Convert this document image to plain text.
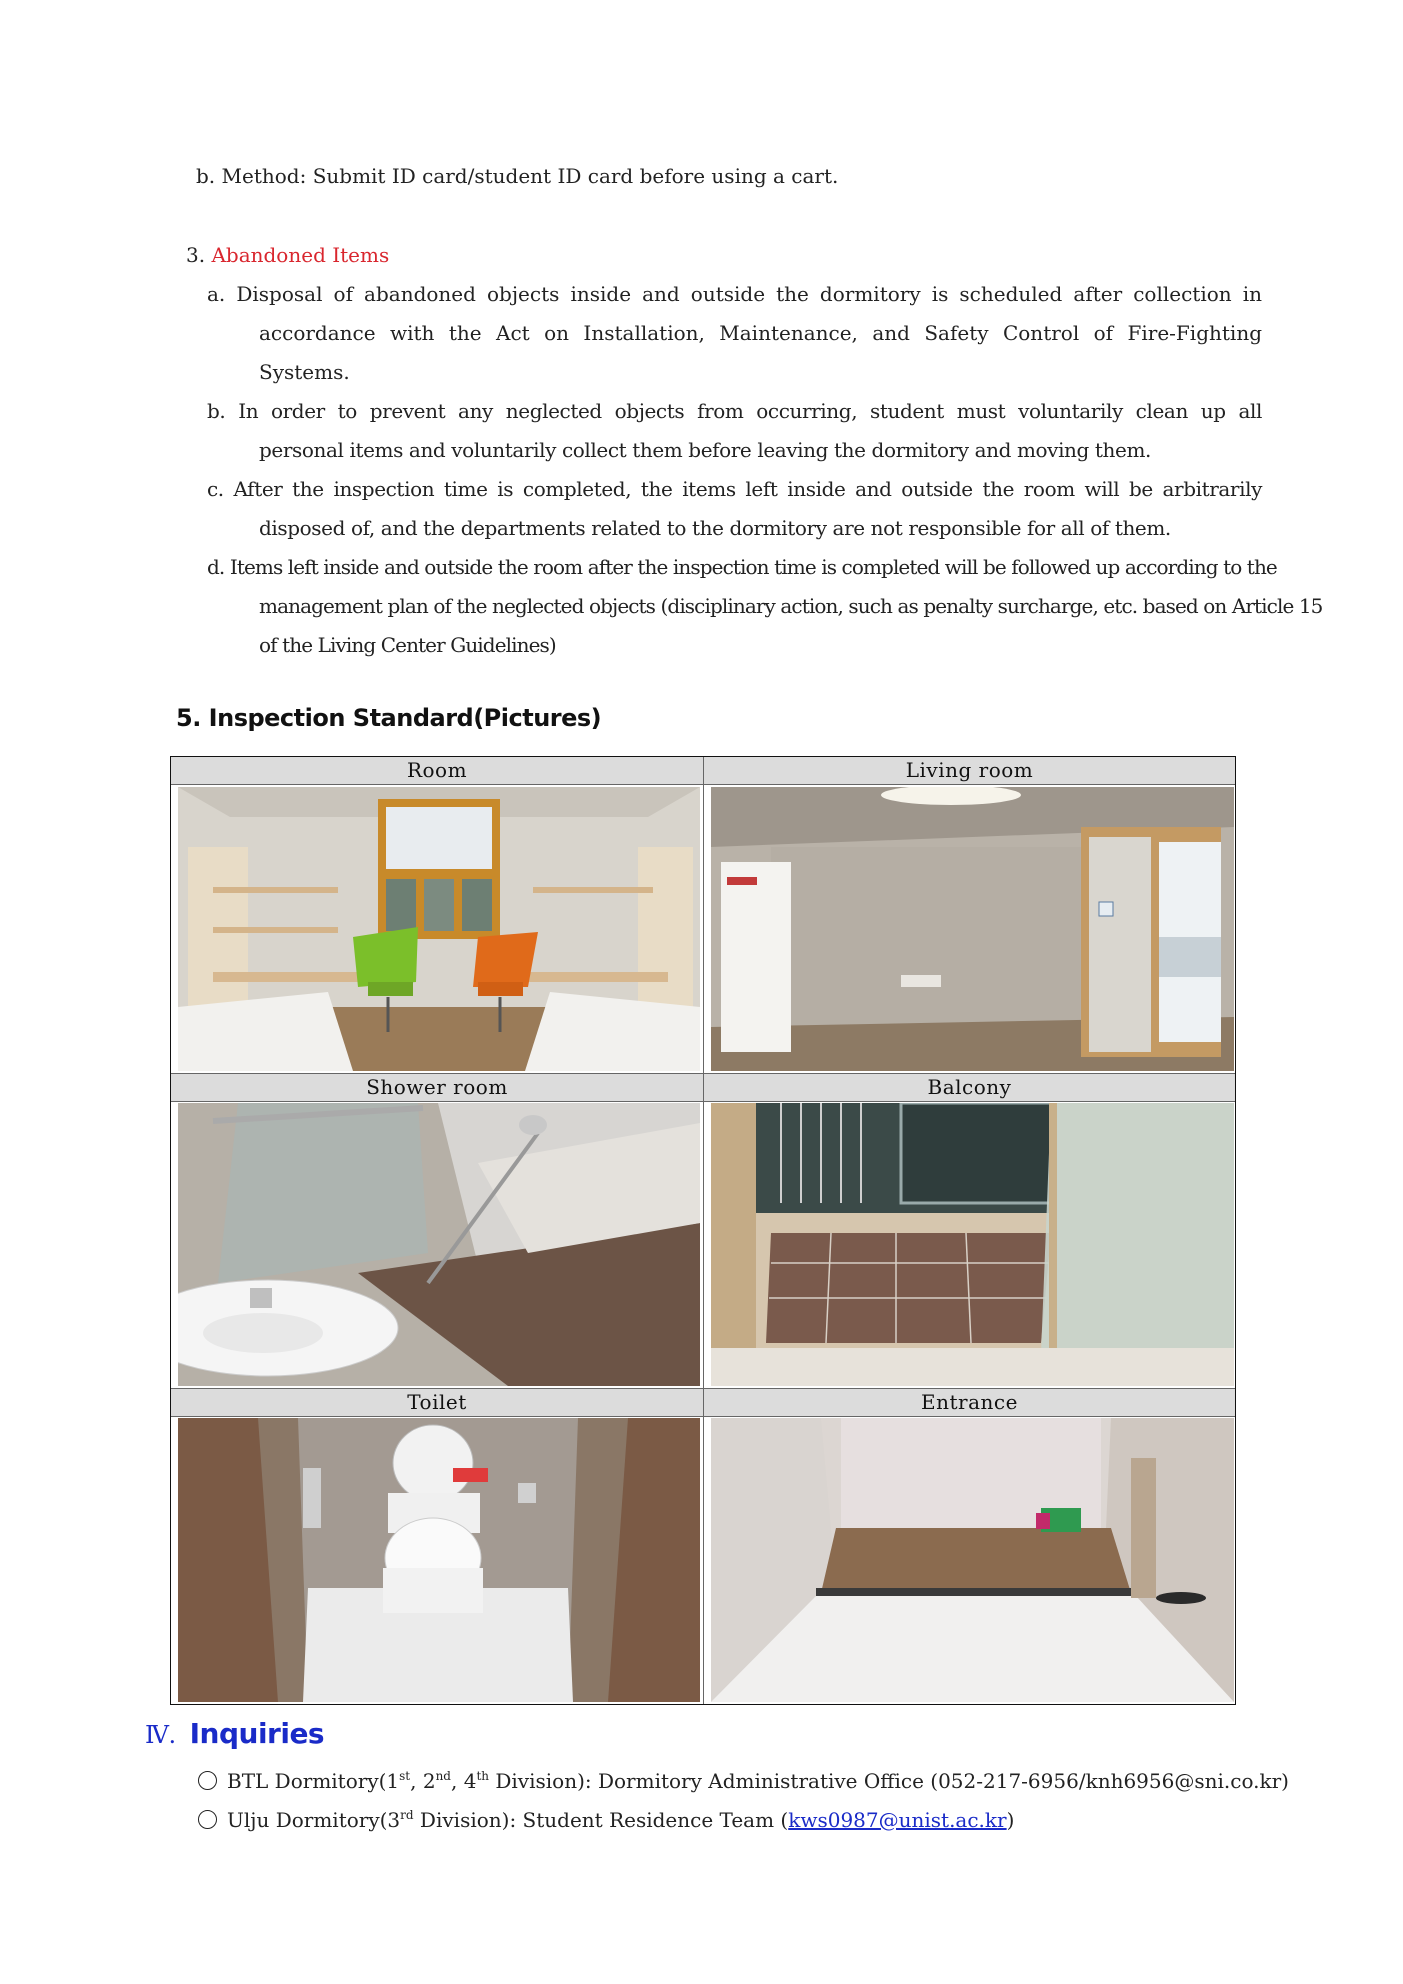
b. Method: Submit ID card/student ID card before using a cart.
3. Abandoned Items
a. Disposal of abandoned objects inside and outside the dormitory is scheduled after collection in
accordance with the Act on Installation, Maintenance, and Safety Control of Fire-Fighting
Systems.
b. In order to prevent any neglected objects from occurring, student must voluntarily clean up all
personal items and voluntarily collect them before leaving the dormitory and moving them.
c. After the inspection time is completed, the items left inside and outside the room will be arbitrarily
disposed of, and the departments related to the dormitory are not responsible for all of them.
d. Items left inside and outside the room after the inspection time is completed will be followed up according to the
management plan of the neglected objects (disciplinary action, such as penalty surcharge, etc. based on Article 15
of the Living Center Guidelines)
5. Inspection Standard(Pictures)
Room	Living room
Shower room	Balcony
Toilet	Entrance
Ⅳ. Inquiries
BTL Dormitory(1st, 2nd, 4th Division): Dormitory Administrative Office (052-217-6956/knh6956@sni.co.kr)
Ulju Dormitory(3rd Division): Student Residence Team (kws0987@unist.ac.kr)
